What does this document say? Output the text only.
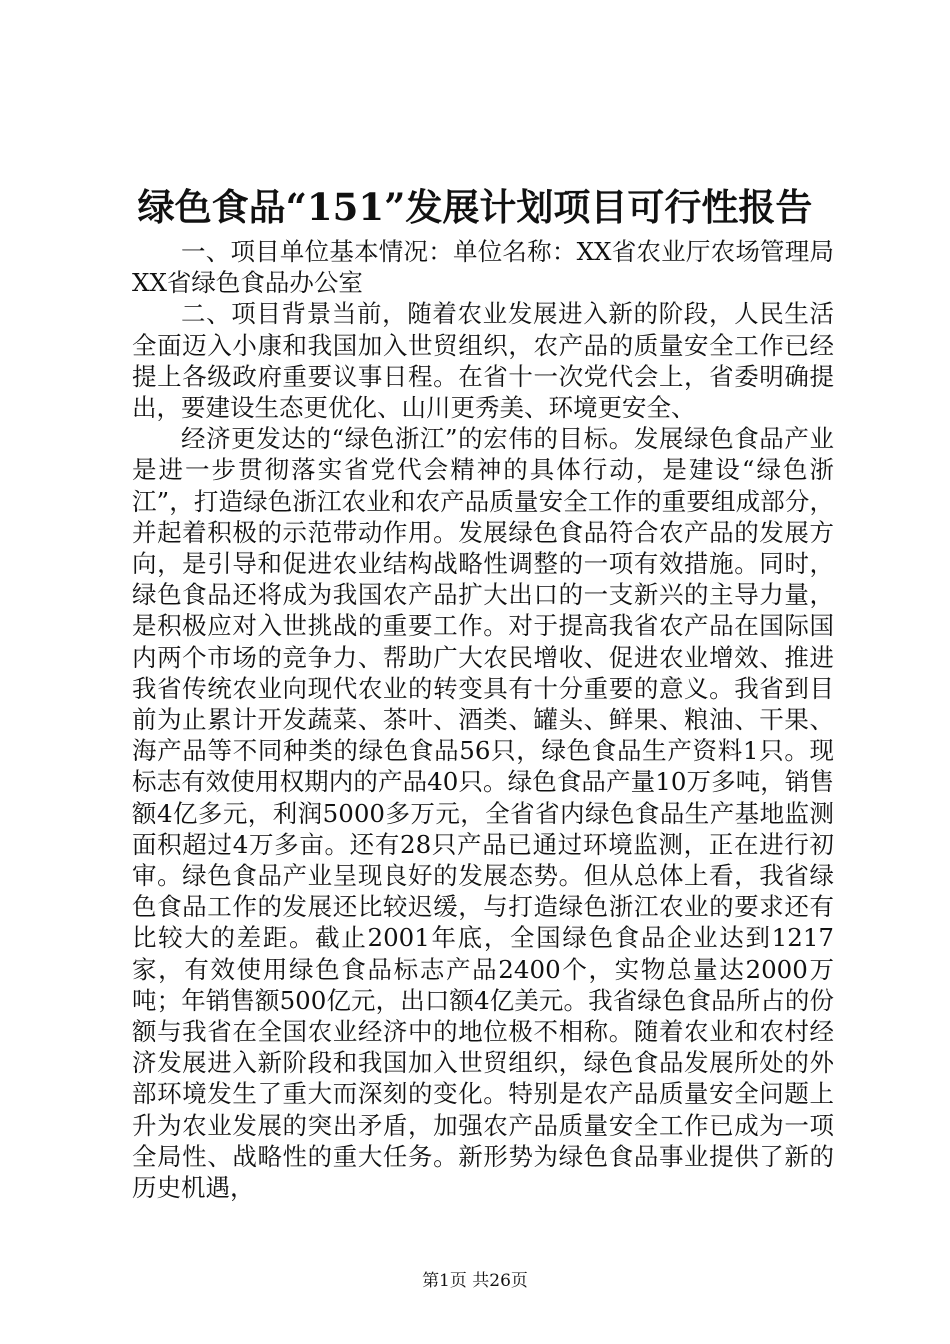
绿色食品“151”发展计划项目可行性报告

一、项目单位基本情况：单位名称：XX省农业厅农场管理局XX省绿色食品办公室

二、项目背景当前，随着农业发展进入新的阶段，人民生活全面迈入小康和我国加入世贸组织，农产品的质量安全工作已经提上各级政府重要议事日程。在省十一次党代会上，省委明确提出，要建设生态更优化、山川更秀美、环境更安全、

经济更发达的“绿色浙江”的宏伟的目标。发展绿色食品产业是进一步贯彻落实省党代会精神的具体行动，是建设“绿色浙江”，打造绿色浙江农业和农产品质量安全工作的重要组成部分，并起着积极的示范带动作用。发展绿色食品符合农产品的发展方向，是引导和促进农业结构战略性调整的一项有效措施。同时，绿色食品还将成为我国农产品扩大出口的一支新兴的主导力量，是积极应对入世挑战的重要工作。对于提高我省农产品在国际国内两个市场的竞争力、帮助广大农民增收、促进农业增效、推进我省传统农业向现代农业的转变具有十分重要的意义。我省到目前为止累计开发蔬菜、茶叶、酒类、罐头、鲜果、粮油、干果、海产品等不同种类的绿色食品56只，绿色食品生产资料1只。现标志有效使用权期内的产品40只。绿色食品产量10万多吨，销售额4亿多元，利润5000多万元，全省省内绿色食品生产基地监测面积超过4万多亩。还有28只产品已通过环境监测，正在进行初审。绿色食品产业呈现良好的发展态势。但从总体上看，我省绿色食品工作的发展还比较迟缓，与打造绿色浙江农业的要求还有比较大的差距。截止2001年底，全国绿色食品企业达到1217家，有效使用绿色食品标志产品2400个，实物总量达2000万吨；年销售额500亿元，出口额4亿美元。我省绿色食品所占的份额与我省在全国农业经济中的地位极不相称。随着农业和农村经济发展进入新阶段和我国加入世贸组织，绿色食品发展所处的外部环境发生了重大而深刻的变化。特别是农产品质量安全问题上升为农业发展的突出矛盾，加强农产品质量安全工作已成为一项全局性、战略性的重大任务。新形势为绿色食品事业提供了新的历史机遇，

第1页 共26页
